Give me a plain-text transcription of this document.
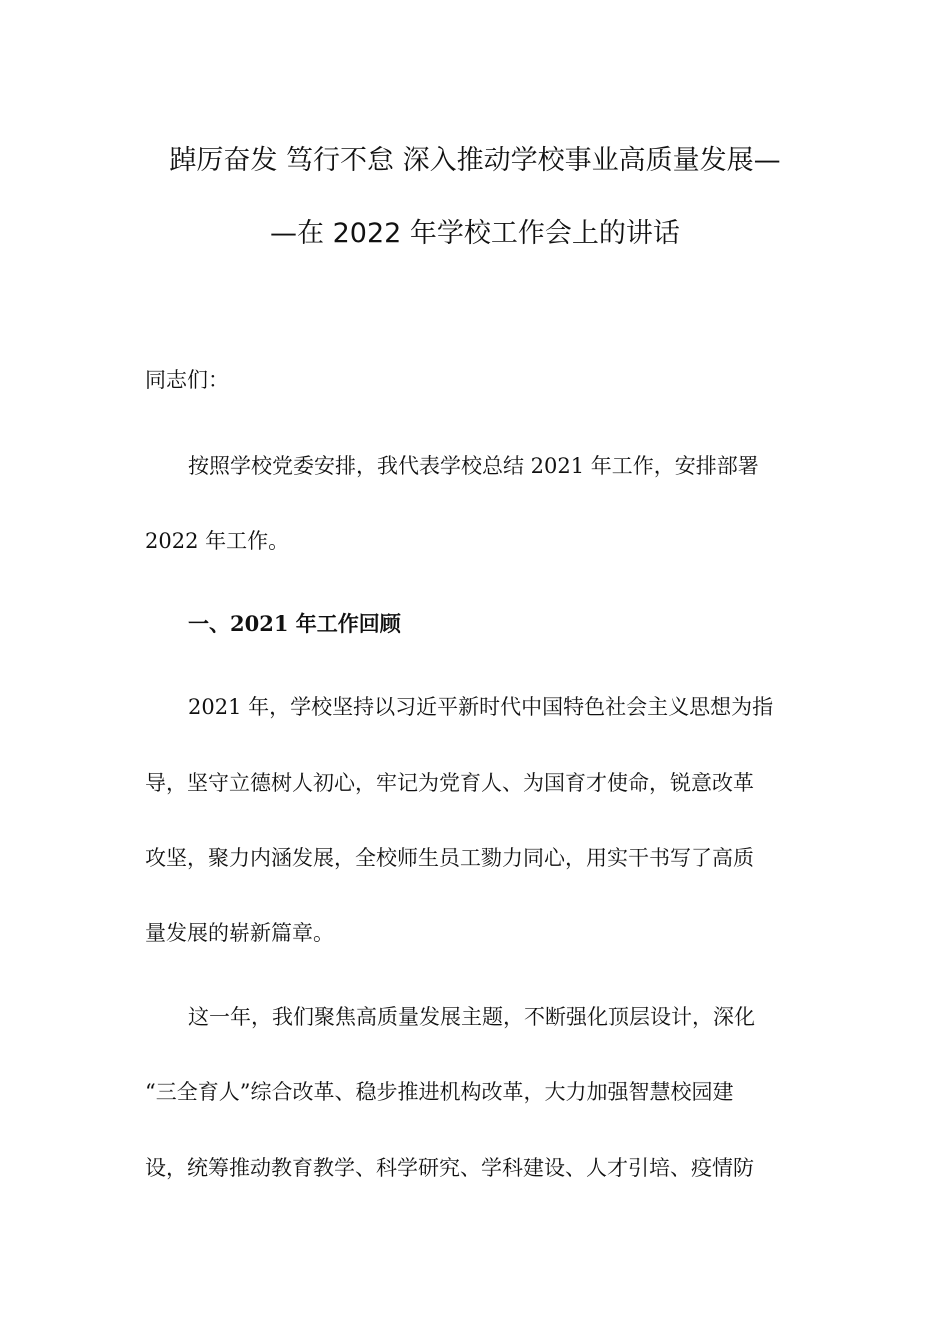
踔厉奋发 笃行不怠 深入推动学校事业高质量发展—
—在 2022 年学校工作会上的讲话
同志们：
按照学校党委安排，我代表学校总结 2021 年工作，安排部署
2022 年工作。
一、2021 年工作回顾
2021 年，学校坚持以习近平新时代中国特色社会主义思想为指
导，坚守立德树人初心，牢记为党育人、为国育才使命，锐意改革
攻坚，聚力内涵发展，全校师生员工勠力同心，用实干书写了高质
量发展的崭新篇章。
这一年，我们聚焦高质量发展主题，不断强化顶层设计，深化
“三全育人”综合改革、稳步推进机构改革，大力加强智慧校园建
设，统筹推动教育教学、科学研究、学科建设、人才引培、疫情防
